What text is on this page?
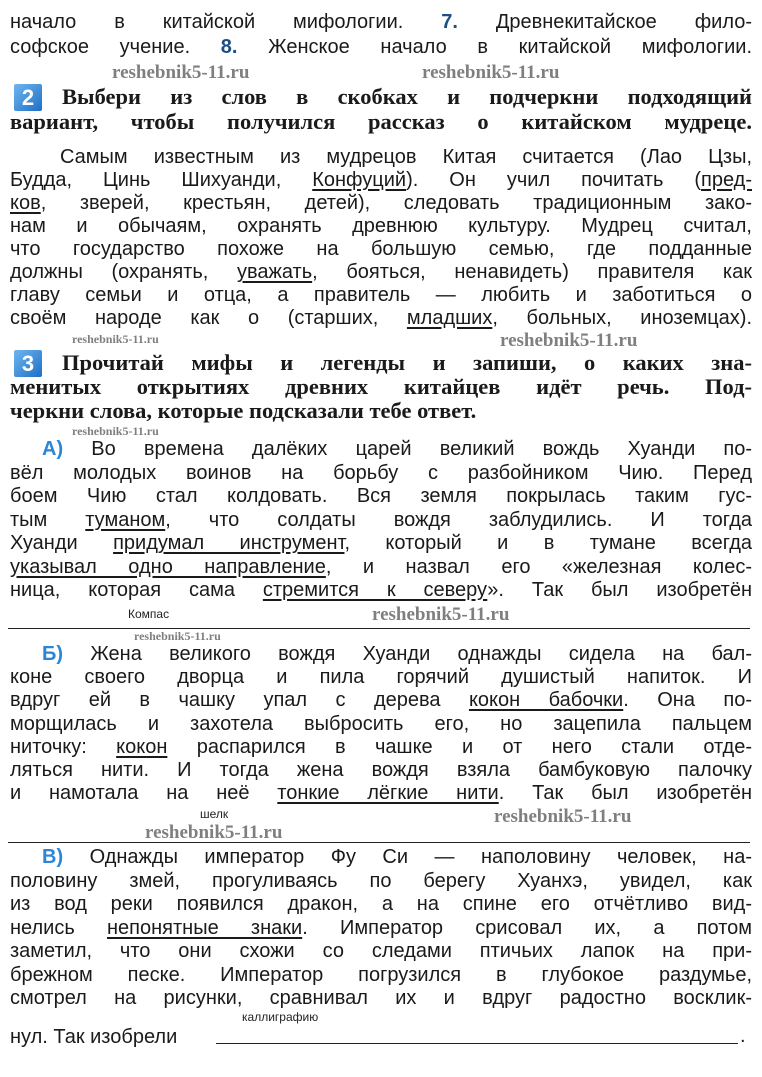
reshebnik5-11.ru	reshebnik5-11.ru
reshebnik5-11.ru	reshebnik5-11.ru
reshebnik5-11.ru
reshebnik5-11.ru
reshebnik5-11.ru
reshebnik5-11.ru
reshebnik5-11.ru
начало в китайской мифологии. 7. Древнекитайское фило-
софское учение. 8. Женское начало в китайской мифологии.
2	Выбери из слов в скобках и подчеркни подходящий
вариант, чтобы получился рассказ о китайском мудреце.
Самым известным из мудрецов Китая считается (Лао Цзы,
Будда, Цинь Шихуанди, Конфуций). Он учил почитать (пред-
ков, зверей, крестьян, детей), следовать традиционным зако-
нам и обычаям, охранять древнюю культуру. Мудрец считал,
что государство похоже на большую семью, где подданные
должны (охранять, уважать, бояться, ненавидеть) правителя как
главу семьи и отца, а правитель — любить и заботиться о
своём народе как о (старших, младших, больных, иноземцах).
3	Прочитай мифы и легенды и запиши, о каких зна-
менитых открытиях древних китайцев идёт речь. Под-
черкни слова, которые подсказали тебе ответ.
А) Во времена далёких царей великий вождь Хуанди по-
вёл молодых воинов на борьбу с разбойником Чию. Перед
боем Чию стал колдовать. Вся земля покрылась таким гус-
тым туманом, что солдаты вождя заблудились. И тогда
Хуанди придумал инструмент, который и в тумане всегда
указывал одно направление, и назвал его «железная колес-
ница, которая сама стремится к северу». Так был изобретён
Компас
Б) Жена великого вождя Хуанди однажды сидела на бал-
коне своего дворца и пила горячий душистый напиток. И
вдруг ей в чашку упал с дерева кокон бабочки. Она по-
морщилась и захотела выбросить его, но зацепила пальцем
ниточку: кокон распарился в чашке и от него стали отде-
ляться нити. И тогда жена вождя взяла бамбуковую палочку
и намотала на неё тонкие лёгкие нити. Так был изобретён
шелк
В) Однажды император Фу Си — наполовину человек, на-
половину змей, прогуливаясь по берегу Хуанхэ, увидел, как
из вод реки появился дракон, а на спине его отчётливо вид-
нелись непонятные знаки. Император срисовал их, а потом
заметил, что они схожи со следами птичьих лапок на при-
брежном песке. Император погрузился в глубокое раздумье,
смотрел на рисунки, сравнивал их и вдруг радостно воcклик-
нул. Так изобрели
каллиграфию
.
